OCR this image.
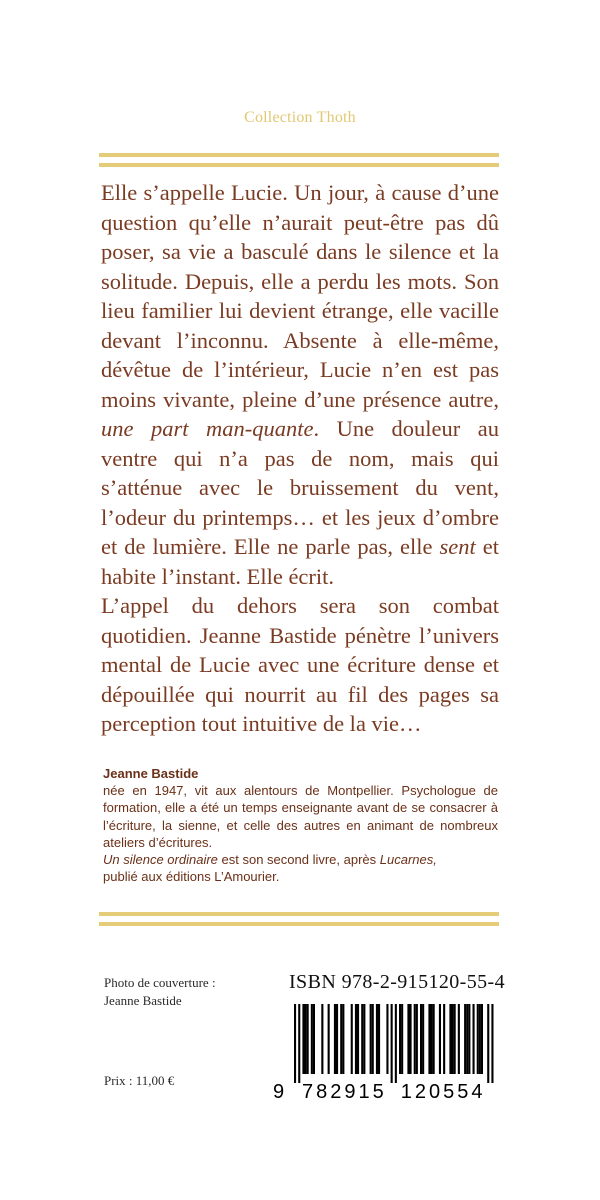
Collection Thoth

Elle s’appelle Lucie. Un jour, à cause d’une question qu’elle n’aurait peut-être pas dû poser, sa vie a basculé dans le silence et la solitude. Depuis, elle a perdu les mots. Son lieu familier lui devient étrange, elle vacille devant l’inconnu. Absente à elle-même, dévêtue de l’intérieur, Lucie n’en est pas moins vivante, pleine d’une présence autre, une part man-quante. Une douleur au ventre qui n’a pas de nom, mais qui s’atténue avec le bruissement du vent, l’odeur du printemps… et les jeux d’ombre et de lumière. Elle ne parle pas, elle sent et habite l’instant. Elle écrit.

L’appel du dehors sera son combat quotidien. Jeanne Bastide pénètre l’univers mental de Lucie avec une écriture dense et dépouillée qui nourrit au fil des pages sa perception tout intuitive de la vie…

Jeanne Bastide
née en 1947, vit aux alentours de Montpellier. Psychologue de formation, elle a été un temps enseignante avant de se consacrer à l’écriture, la sienne, et celle des autres en animant de nombreux ateliers d’écritures.
Un silence ordinaire est son second livre, après Lucarnes,
publié aux éditions L’Amourier.
Photo de couverture :
Jeanne Bastide
Prix : 11,00 €
ISBN 978-2-915120-55-4
9 782915 120554
